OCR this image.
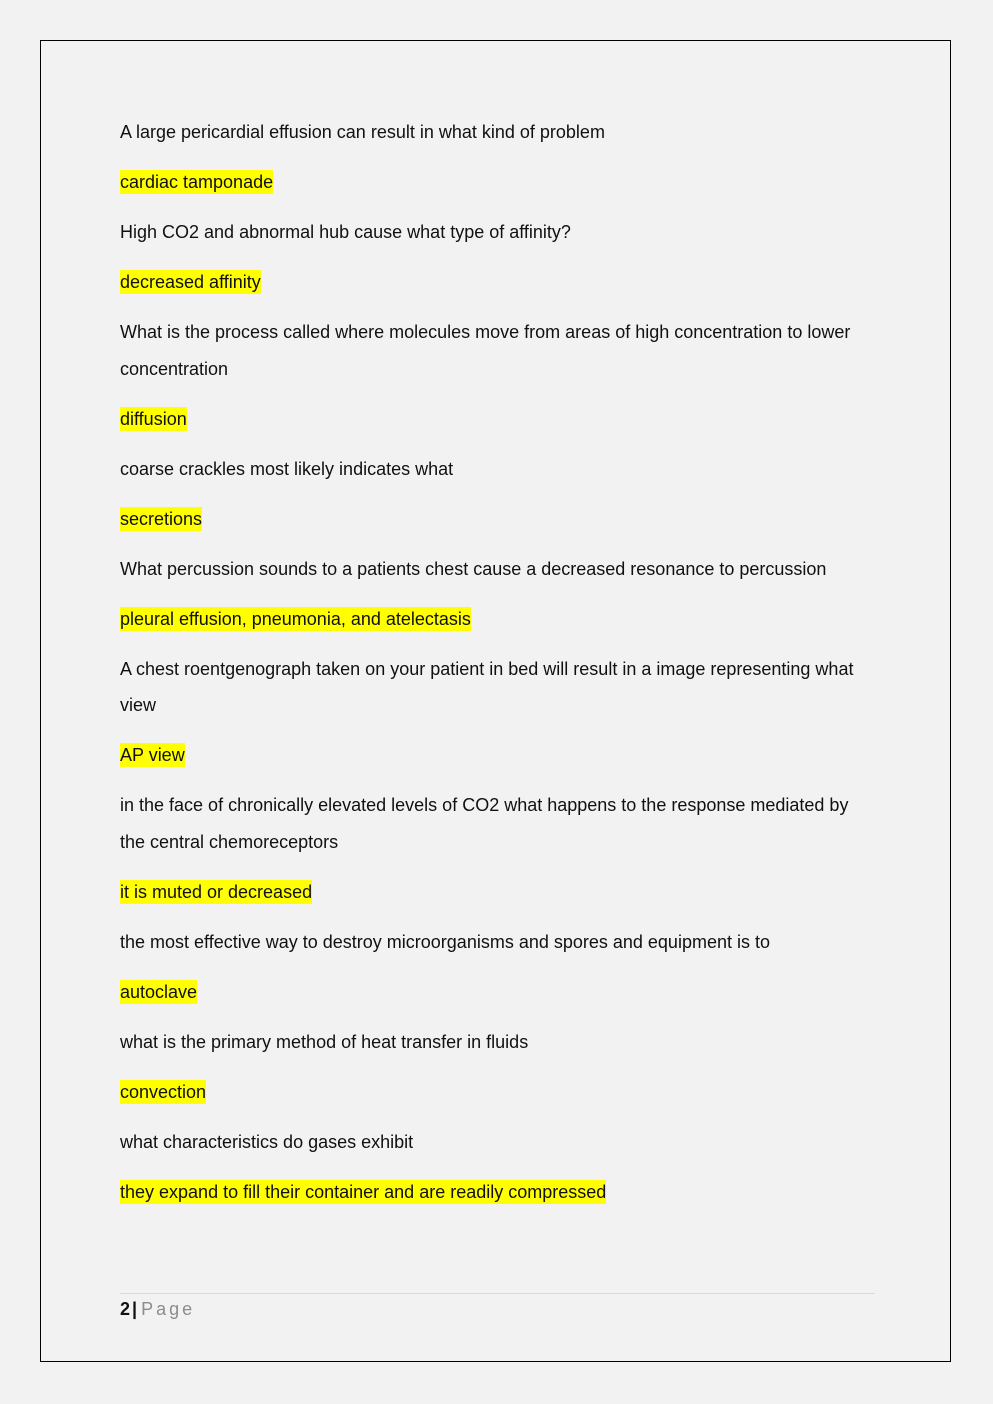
A large pericardial effusion can result in what kind of problem

cardiac tamponade

High CO2 and abnormal hub cause what type of affinity?

decreased affinity

What is the process called where molecules move from areas of high concentration to lower concentration

diffusion

coarse crackles most likely indicates what

secretions

What percussion sounds to a patients chest cause a decreased resonance to percussion

pleural effusion, pneumonia, and atelectasis

A chest roentgenograph taken on your patient in bed will result in a image representing what view

AP view

in the face of chronically elevated levels of CO2 what happens to the response mediated by the central chemoreceptors

it is muted or decreased

the most effective way to destroy microorganisms and spores and equipment is to

autoclave

what is the primary method of heat transfer in fluids

convection

what characteristics do gases exhibit

they expand to fill their container and are readily compressed

2 | Page
